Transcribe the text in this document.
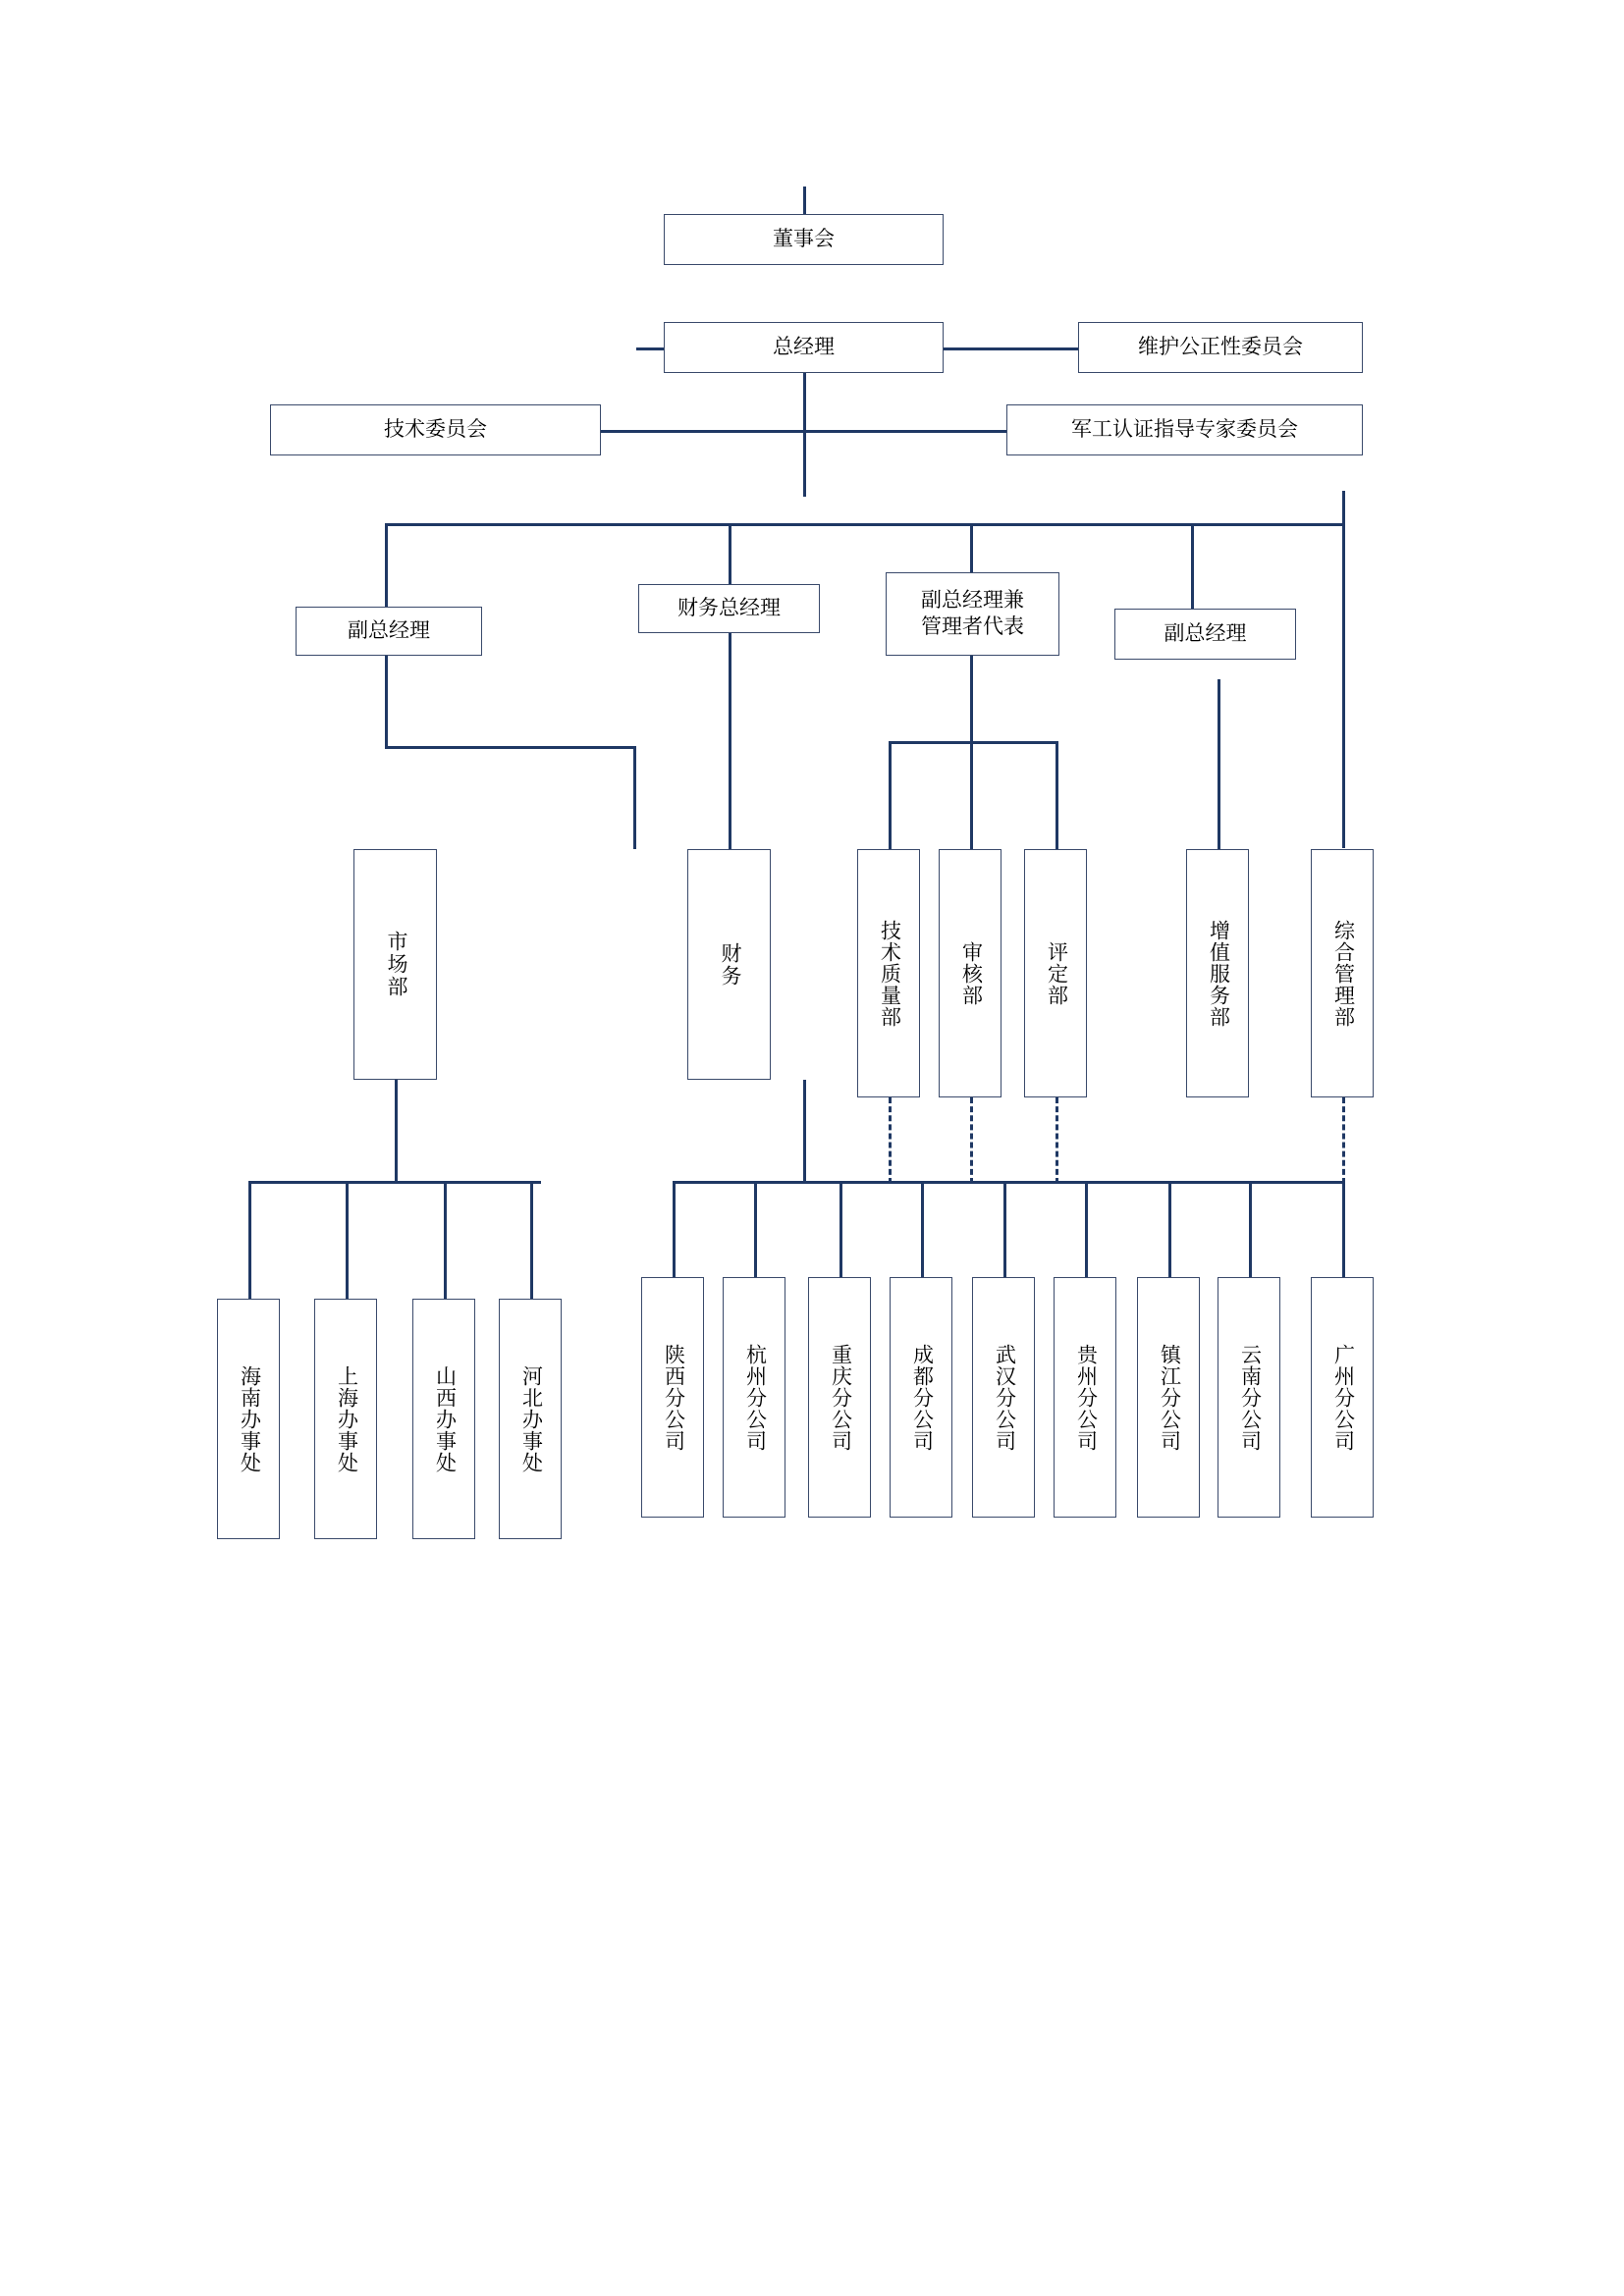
董事会
总经理	维护公正性委员会
技术委员会	军工认证指导专家委员会
副总经理
财务总经理	副总经理兼
管理者代表	副总经理
市场部	财务	技术质量部	审核部	评定部	增值服务部	综合管理部
海南办事处	上海办事处	山西办事处	河北办事处	陕西分公司	杭州分公司	重庆分公司	成都分公司	武汉分公司	贵州分公司	镇江分公司	云南分公司	广州分公司
